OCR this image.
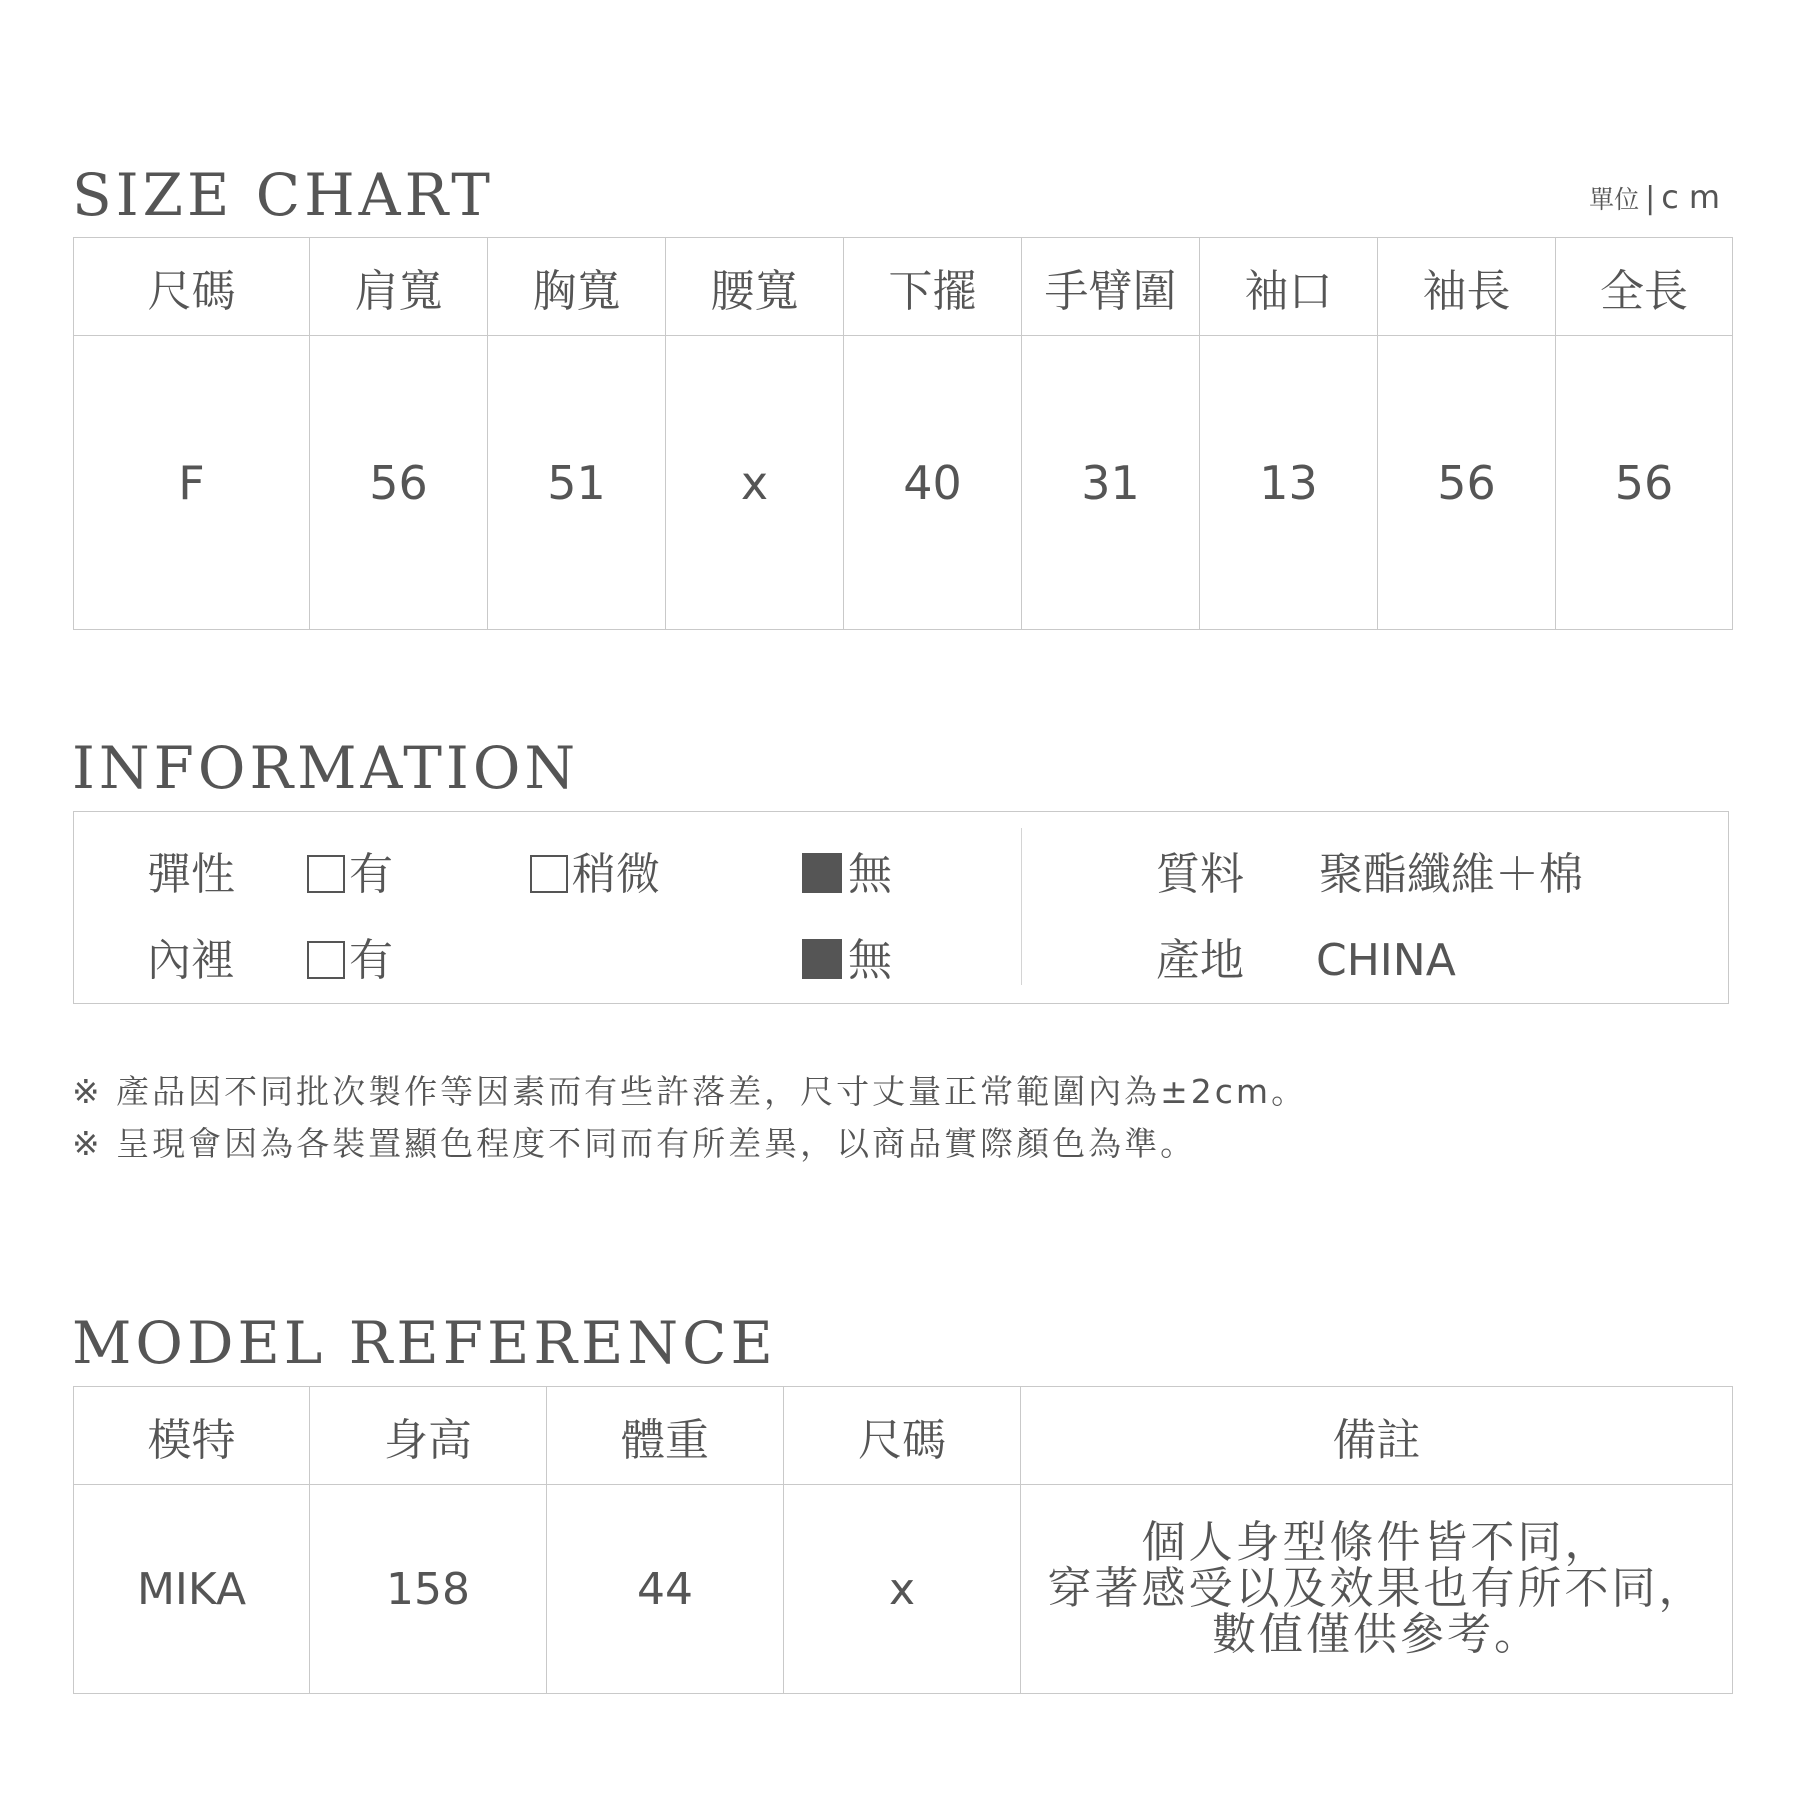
SIZE CHART	單位 | cm
尺碼	肩寬	胸寬	腰寬	下擺	手臂圍	袖口	袖長	全長
F	56	51	x	40	31	13	56	56
INFORMATION
彈性	有	稍微	無
內裡	有	無
質料 聚酯纖維＋棉
產地 CHINA
※ 產品因不同批次製作等因素而有些許落差，尺寸丈量正常範圍內為±2cm。
※ 呈現會因為各裝置顯色程度不同而有所差異，以商品實際顏色為準。
MODEL REFERENCE
模特	身高	體重	尺碼	備註
MIKA	158	44	x	個人身型條件皆不同，
穿著感受以及效果也有所不同，
數值僅供參考。
